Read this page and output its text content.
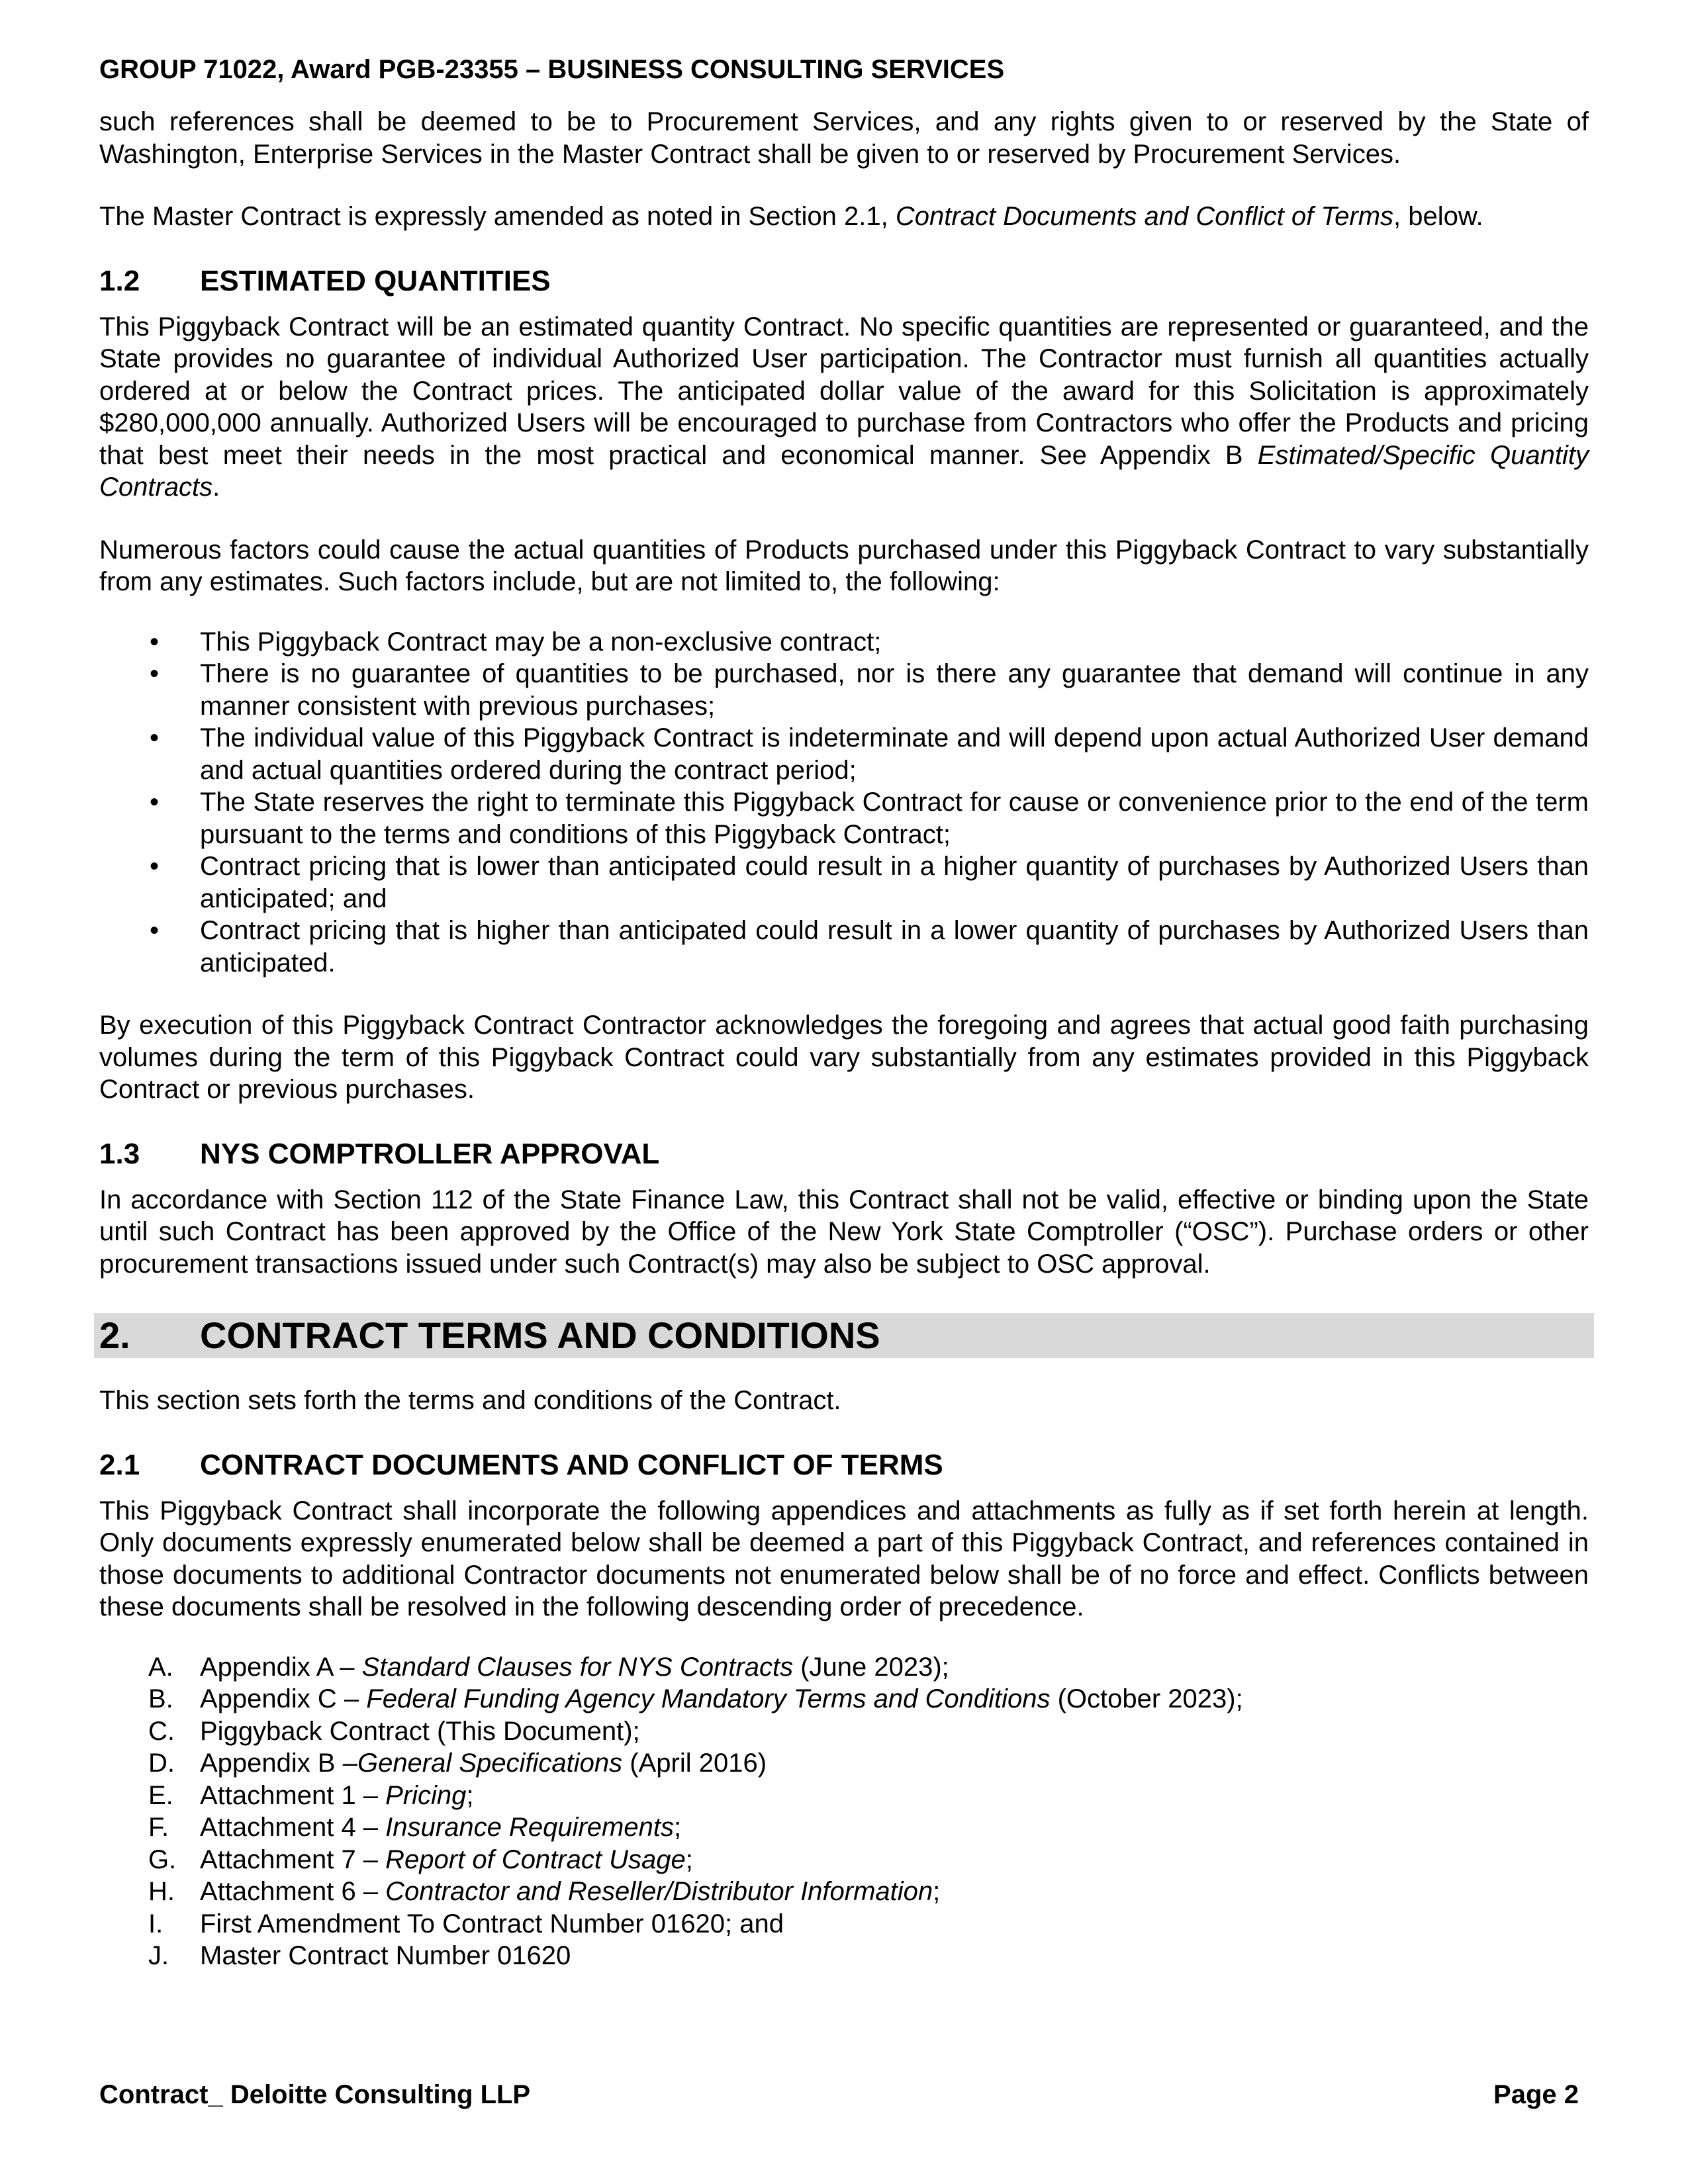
GROUP 71022, Award PGB-23355 – BUSINESS CONSULTING SERVICES

such references shall be deemed to be to Procurement Services, and any rights given to or reserved by the State of Washington, Enterprise Services in the Master Contract shall be given to or reserved by Procurement Services.

The Master Contract is expressly amended as noted in Section 2.1, Contract Documents and Conflict of Terms, below.

1.2	ESTIMATED QUANTITIES

This Piggyback Contract will be an estimated quantity Contract. No specific quantities are represented or guaranteed, and the State provides no guarantee of individual Authorized User participation. The Contractor must furnish all quantities actually ordered at or below the Contract prices. The anticipated dollar value of the award for this Solicitation is approximately $280,000,000 annually. Authorized Users will be encouraged to purchase from Contractors who offer the Products and pricing that best meet their needs in the most practical and economical manner. See Appendix B Estimated/Specific Quantity Contracts.

Numerous factors could cause the actual quantities of Products purchased under this Piggyback Contract to vary substantially from any estimates. Such factors include, but are not limited to, the following:

•
This Piggyback Contract may be a non-exclusive contract;
•
There is no guarantee of quantities to be purchased, nor is there any guarantee that demand will continue in any manner consistent with previous purchases;
•
The individual value of this Piggyback Contract is indeterminate and will depend upon actual Authorized User demand and actual quantities ordered during the contract period;
•
The State reserves the right to terminate this Piggyback Contract for cause or convenience prior to the end of the term pursuant to the terms and conditions of this Piggyback Contract;
•
Contract pricing that is lower than anticipated could result in a higher quantity of purchases by Authorized Users than anticipated; and
•
Contract pricing that is higher than anticipated could result in a lower quantity of purchases by Authorized Users than anticipated.

By execution of this Piggyback Contract Contractor acknowledges the foregoing and agrees that actual good faith purchasing volumes during the term of this Piggyback Contract could vary substantially from any estimates provided in this Piggyback Contract or previous purchases.

1.3	NYS COMPTROLLER APPROVAL

In accordance with Section 112 of the State Finance Law, this Contract shall not be valid, effective or binding upon the State until such Contract has been approved by the Office of the New York State Comptroller (“OSC”). Purchase orders or other procurement transactions issued under such Contract(s) may also be subject to OSC approval.

2.	CONTRACT TERMS AND CONDITIONS

This section sets forth the terms and conditions of the Contract.

2.1	CONTRACT DOCUMENTS AND CONFLICT OF TERMS

This Piggyback Contract shall incorporate the following appendices and attachments as fully as if set forth herein at length. Only documents expressly enumerated below shall be deemed a part of this Piggyback Contract, and references contained in those documents to additional Contractor documents not enumerated below shall be of no force and effect. Conflicts between these documents shall be resolved in the following descending order of precedence.

A.	Appendix A – Standard Clauses for NYS Contracts (June 2023);
B.	Appendix C – Federal Funding Agency Mandatory Terms and Conditions (October 2023);
C. Piggyback Contract (This Document);
D. Appendix B –General Specifications (April 2016)
E.	Attachment 1 – Pricing;
F.	Attachment 4 – Insurance Requirements;
G. Attachment 7 – Report of Contract Usage;
H. Attachment 6 – Contractor and Reseller/Distributor Information;
I.	First Amendment To Contract Number 01620; and
J.	Master Contract Number 01620
Contract_ Deloitte Consulting LLP	Page 2
